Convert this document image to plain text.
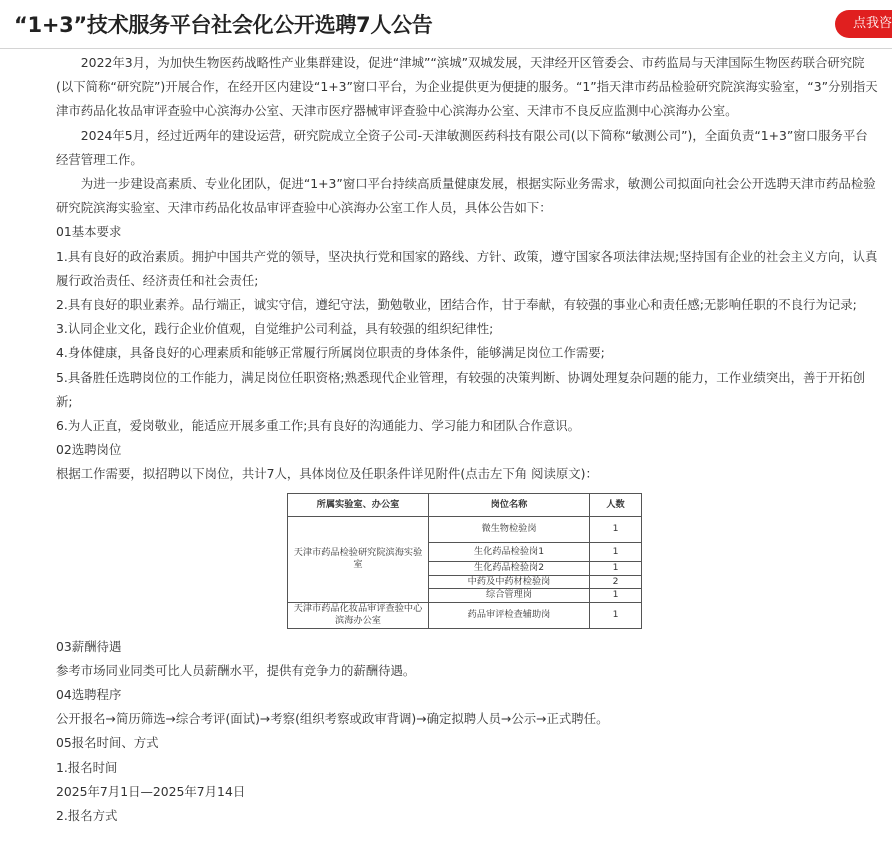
“1+3”技术服务平台社会化公开选聘7人公告	点我咨

2022年3月，为加快生物医药战略性产业集群建设，促进“津城”“滨城”双城发展，天津经开区管委会、市药监局与天津国际生物医药联合研究院(以下简称“研究院”)开展合作，在经开区内建设“1+3”窗口平台，为企业提供更为便捷的服务。“1”指天津市药品检验研究院滨海实验室，“3”分别指天津市药品化妆品审评查验中心滨海办公室、天津市医疗器械审评查验中心滨海办公室、天津市不良反应监测中心滨海办公室。

2024年5月，经过近两年的建设运营，研究院成立全资子公司-天津敏测医药科技有限公司(以下简称“敏测公司”)，全面负责“1+3”窗口服务平台经营管理工作。

为进一步建设高素质、专业化团队，促进“1+3”窗口平台持续高质量健康发展，根据实际业务需求，敏测公司拟面向社会公开选聘天津市药品检验研究院滨海实验室、天津市药品化妆品审评查验中心滨海办公室工作人员，具体公告如下：

01基本要求

1.具有良好的政治素质。拥护中国共产党的领导，坚决执行党和国家的路线、方针、政策，遵守国家各项法律法规;坚持国有企业的社会主义方向，认真履行政治责任、经济责任和社会责任;

2.具有良好的职业素养。品行端正，诚实守信，遵纪守法，勤勉敬业，团结合作，甘于奉献，有较强的事业心和责任感;无影响任职的不良行为记录;

3.认同企业文化，践行企业价值观，自觉维护公司利益，具有较强的组织纪律性;

4.身体健康，具备良好的心理素质和能够正常履行所属岗位职责的身体条件，能够满足岗位工作需要;

5.具备胜任选聘岗位的工作能力，满足岗位任职资格;熟悉现代企业管理，有较强的决策判断、协调处理复杂问题的能力，工作业绩突出，善于开拓创新;

6.为人正直，爱岗敬业，能适应开展多重工作;具有良好的沟通能力、学习能力和团队合作意识。

02选聘岗位

根据工作需要，拟招聘以下岗位，共计7人，具体岗位及任职条件详见附件(点击左下角 阅读原文)：

所属实验室、办公室	岗位名称	人数
天津市药品检验研究院滨海实验室	微生物检验岗	1
	生化药品检验岗1	1
	生化药品检验岗2	1
	中药及中药材检验岗	2
	综合管理岗	1
天津市药品化妆品审评查验中心滨海办公室	药品审评检查辅助岗	1

03薪酬待遇

参考市场同业同类可比人员薪酬水平，提供有竞争力的薪酬待遇。

04选聘程序

公开报名→简历筛选→综合考评(面试)→考察(组织考察或政审背调)→确定拟聘人员→公示→正式聘任。

05报名时间、方式

1.报名时间

2025年7月1日—2025年7月14日

2.报名方式
